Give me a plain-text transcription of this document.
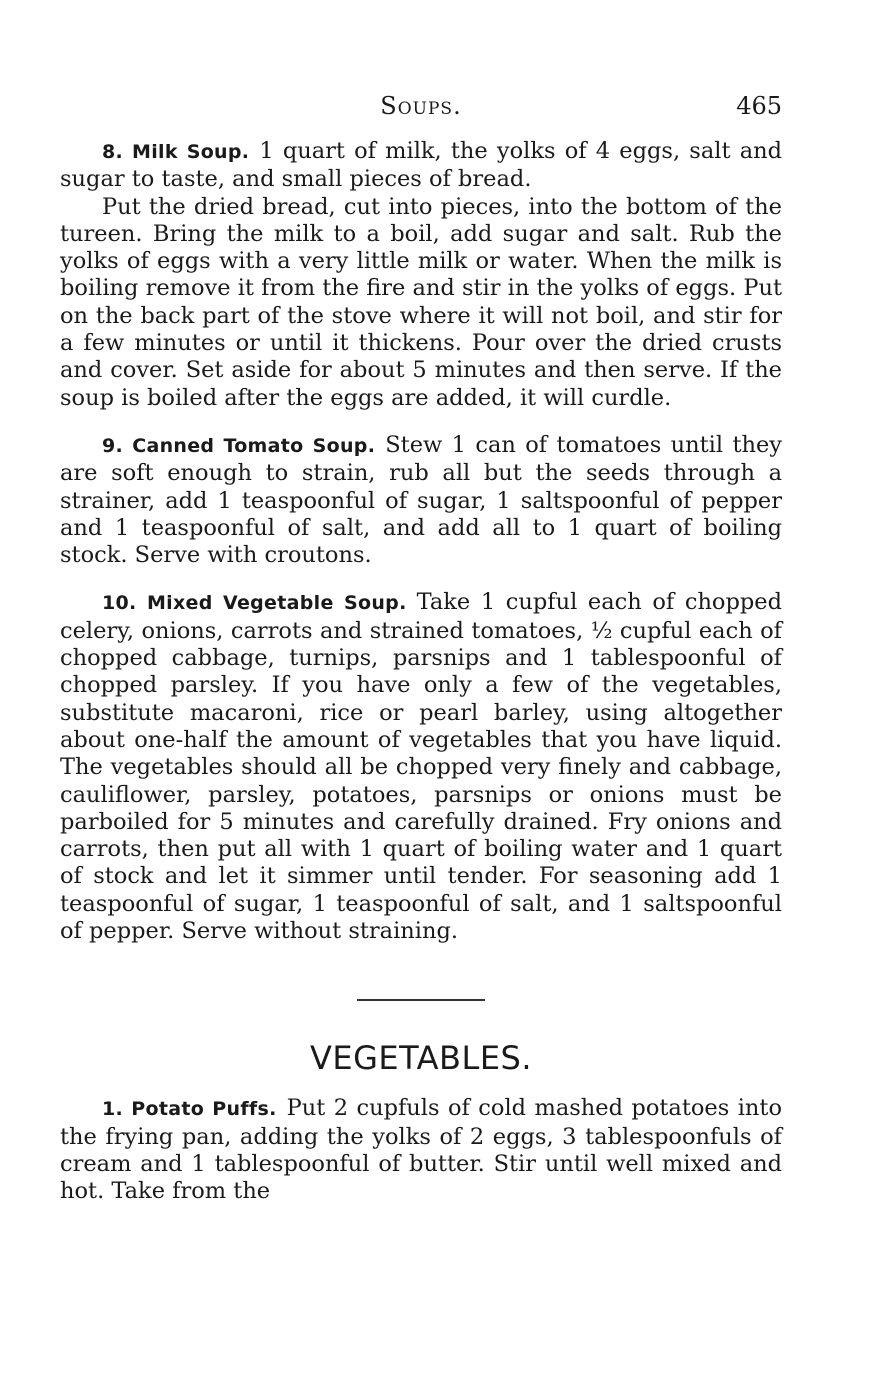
Soups.	465

8. Milk Soup. 1 quart of milk, the yolks of 4 eggs, salt and sugar to taste, and small pieces of bread.

Put the dried bread, cut into pieces, into the bottom of the tureen. Bring the milk to a boil, add sugar and salt. Rub the yolks of eggs with a very little milk or water. When the milk is boiling remove it from the fire and stir in the yolks of eggs. Put on the back part of the stove where it will not boil, and stir for a few minutes or until it thickens. Pour over the dried crusts and cover. Set aside for about 5 minutes and then serve. If the soup is boiled after the eggs are added, it will curdle.

9. Canned Tomato Soup. Stew 1 can of tomatoes until they are soft enough to strain, rub all but the seeds through a strainer, add 1 teaspoonful of sugar, 1 saltspoonful of pepper and 1 teaspoonful of salt, and add all to 1 quart of boiling stock. Serve with croutons.

10. Mixed Vegetable Soup. Take 1 cupful each of chopped celery, onions, carrots and strained tomatoes, ½ cupful each of chopped cabbage, turnips, parsnips and 1 tablespoonful of chopped parsley. If you have only a few of the vegetables, substitute macaroni, rice or pearl barley, using altogether about one-half the amount of vegetables that you have liquid. The vegetables should all be chopped very finely and cabbage, cauliflower, parsley, potatoes, parsnips or onions must be parboiled for 5 minutes and carefully drained. Fry onions and carrots, then put all with 1 quart of boiling water and 1 quart of stock and let it simmer until tender. For seasoning add 1 teaspoonful of sugar, 1 teaspoonful of salt, and 1 saltspoonful of pepper. Serve without straining.

VEGETABLES.

1. Potato Puffs. Put 2 cupfuls of cold mashed potatoes into the frying pan, adding the yolks of 2 eggs, 3 tablespoonfuls of cream and 1 tablespoonful of butter. Stir until well mixed and hot. Take from the
